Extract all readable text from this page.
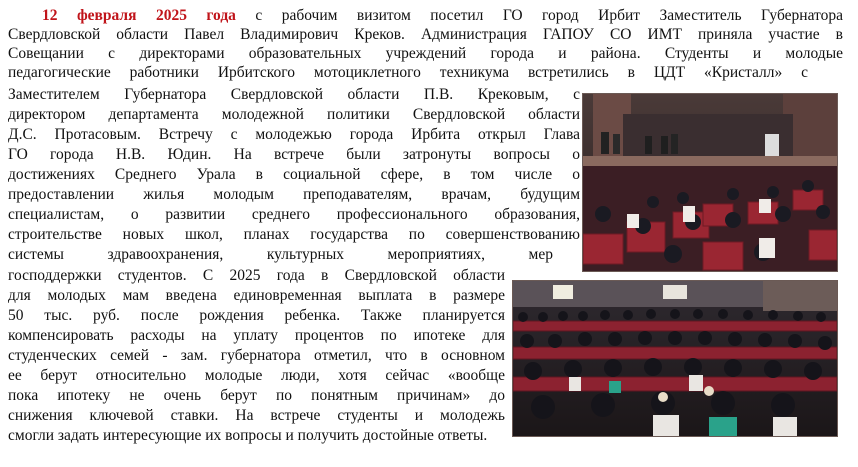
12 февраля 2025 года с рабочим визитом посетил ГО город Ирбит Заместитель Губернатора
Свердловской области Павел Владимирович Креков. Администрация ГАПОУ СО ИМТ приняла участие в
Совещании с директорами образовательных учреждений города и района. Студенты и молодые
педагогические работники Ирбитского мотоциклетного техникума встретились в ЦДТ «Кристалл» с
Заместителем Губернатора Свердловской области П.В. Крековым, с
директором департамента молодежной политики Свердловской области
Д.С. Протасовым. Встречу с молодежью города Ирбита открыл Глава
ГО города Н.В. Юдин. На встрече были затронуты вопросы о
достижениях Среднего Урала в социальной сфере, в том числе о
предоставлении жилья молодым преподавателям, врачам, будущим
специалистам, о развитии среднего профессионального образования,
строительстве новых школ, планах государства по совершенствованию
системы здравоохранения, культурных мероприятиях, мер
господдержки студентов. С 2025 года в Свердловской области
для молодых мам введена единовременная выплата в размере
50 тыс. руб. после рождения ребенка. Также планируется
компенсировать расходы на уплату процентов по ипотеке для
студенческих семей - зам. губернатора отметил, что в основном
ее берут относительно молодые люди, хотя сейчас «вообще
пока ипотеку не очень берут по понятным причинам» до
снижения ключевой ставки. На встрече студенты и молодежь
смогли задать интересующие их вопросы и получить достойные ответы.
